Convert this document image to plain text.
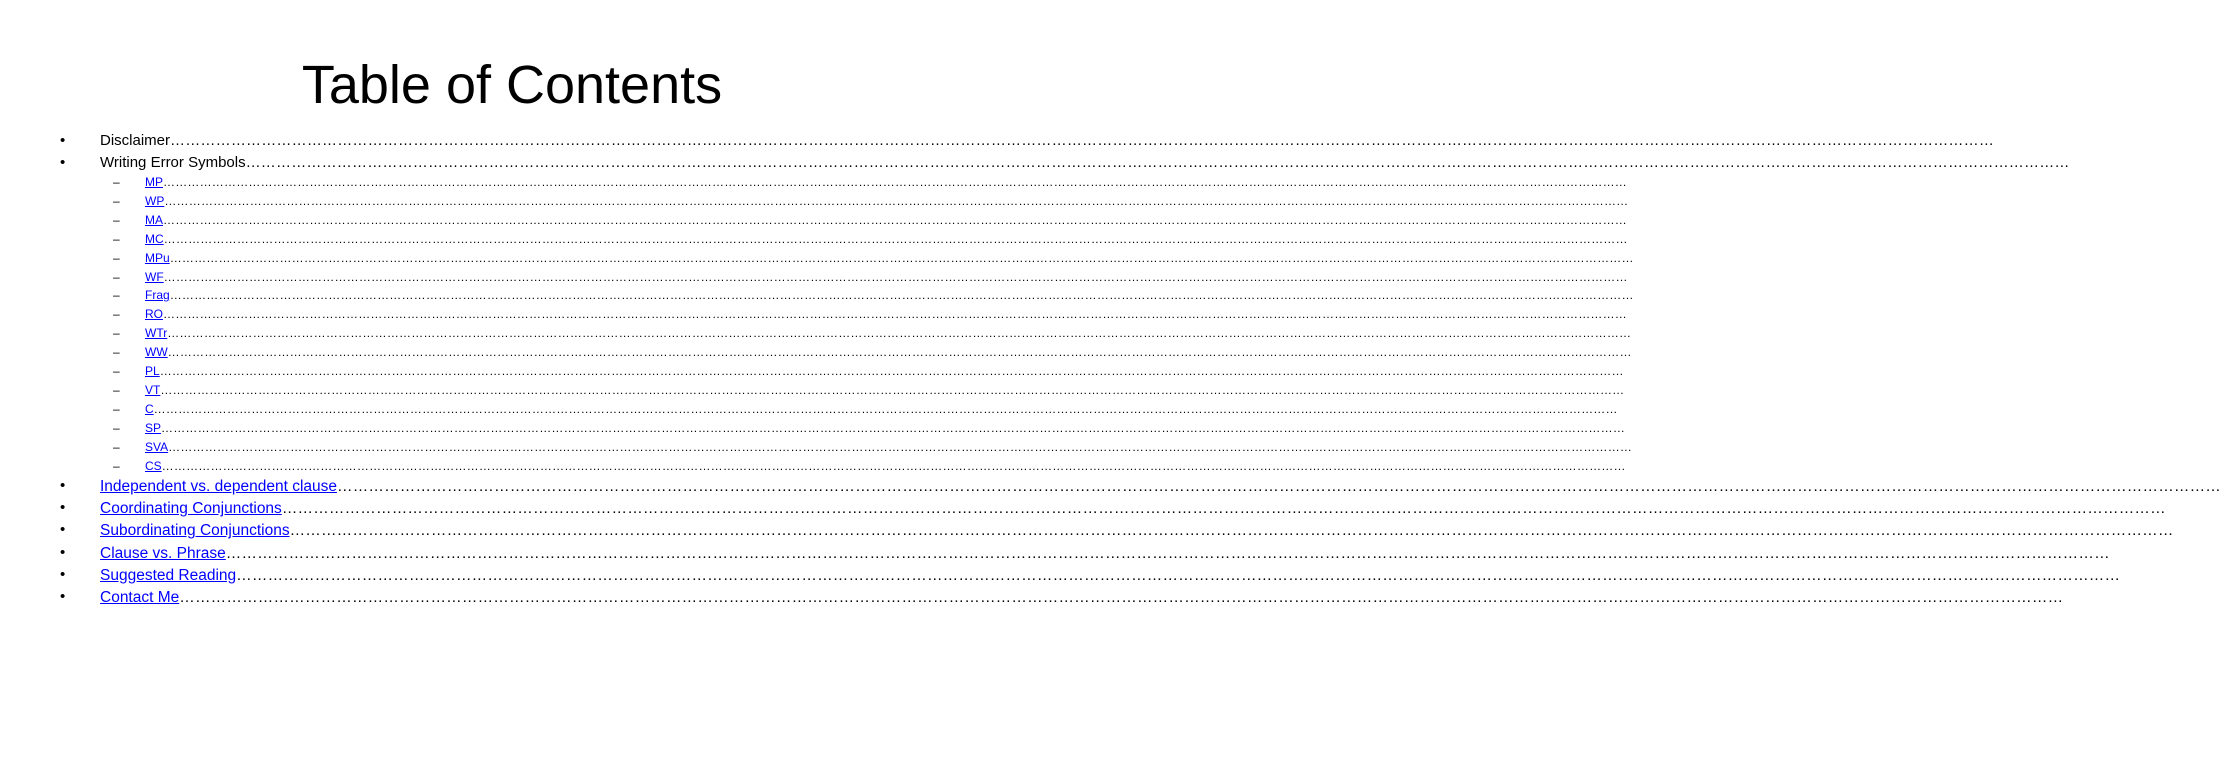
Table of Contents
• Disclaimer ………………………………………………………………………………………………………………………………………………………………………………………………………………………………………………………………………………………………………………………………
• Writing Error Symbols ………………………………………………………………………………………………………………………………………………………………………………………………………………………………………………………………………………………………………………………………
– MP ………………………………………………………………………………………………………………………………………………………………………………………………………………………………………………………………………………………………………………………………
– WP ………………………………………………………………………………………………………………………………………………………………………………………………………………………………………………………………………………………………………………………………
– MA ………………………………………………………………………………………………………………………………………………………………………………………………………………………………………………………………………………………………………………………………
– MC ………………………………………………………………………………………………………………………………………………………………………………………………………………………………………………………………………………………………………………………………
– MPu ………………………………………………………………………………………………………………………………………………………………………………………………………………………………………………………………………………………………………………………………
– WF ………………………………………………………………………………………………………………………………………………………………………………………………………………………………………………………………………………………………………………………………
– Frag ………………………………………………………………………………………………………………………………………………………………………………………………………………………………………………………………………………………………………………………………
– RO ………………………………………………………………………………………………………………………………………………………………………………………………………………………………………………………………………………………………………………………………
– WTr ………………………………………………………………………………………………………………………………………………………………………………………………………………………………………………………………………………………………………………………………
– WW ………………………………………………………………………………………………………………………………………………………………………………………………………………………………………………………………………………………………………………………………
– PL ………………………………………………………………………………………………………………………………………………………………………………………………………………………………………………………………………………………………………………………………
– VT ………………………………………………………………………………………………………………………………………………………………………………………………………………………………………………………………………………………………………………………………
– C ………………………………………………………………………………………………………………………………………………………………………………………………………………………………………………………………………………………………………………………………
– SP ………………………………………………………………………………………………………………………………………………………………………………………………………………………………………………………………………………………………………………………………
– SVA ………………………………………………………………………………………………………………………………………………………………………………………………………………………………………………………………………………………………………………………………
– CS ………………………………………………………………………………………………………………………………………………………………………………………………………………………………………………………………………………………………………………………………
• Independent vs. dependent clause ………………………………………………………………………………………………………………………………………………………………………………………………………………………………………………………………………………………………………………………………
• Coordinating Conjunctions ………………………………………………………………………………………………………………………………………………………………………………………………………………………………………………………………………………………………………………………………
• Subordinating Conjunctions ………………………………………………………………………………………………………………………………………………………………………………………………………………………………………………………………………………………………………………………………
• Clause vs. Phrase ………………………………………………………………………………………………………………………………………………………………………………………………………………………………………………………………………………………………………………………………
• Suggested Reading ………………………………………………………………………………………………………………………………………………………………………………………………………………………………………………………………………………………………………………………………
• Contact Me ………………………………………………………………………………………………………………………………………………………………………………………………………………………………………………………………………………………………………………………………
